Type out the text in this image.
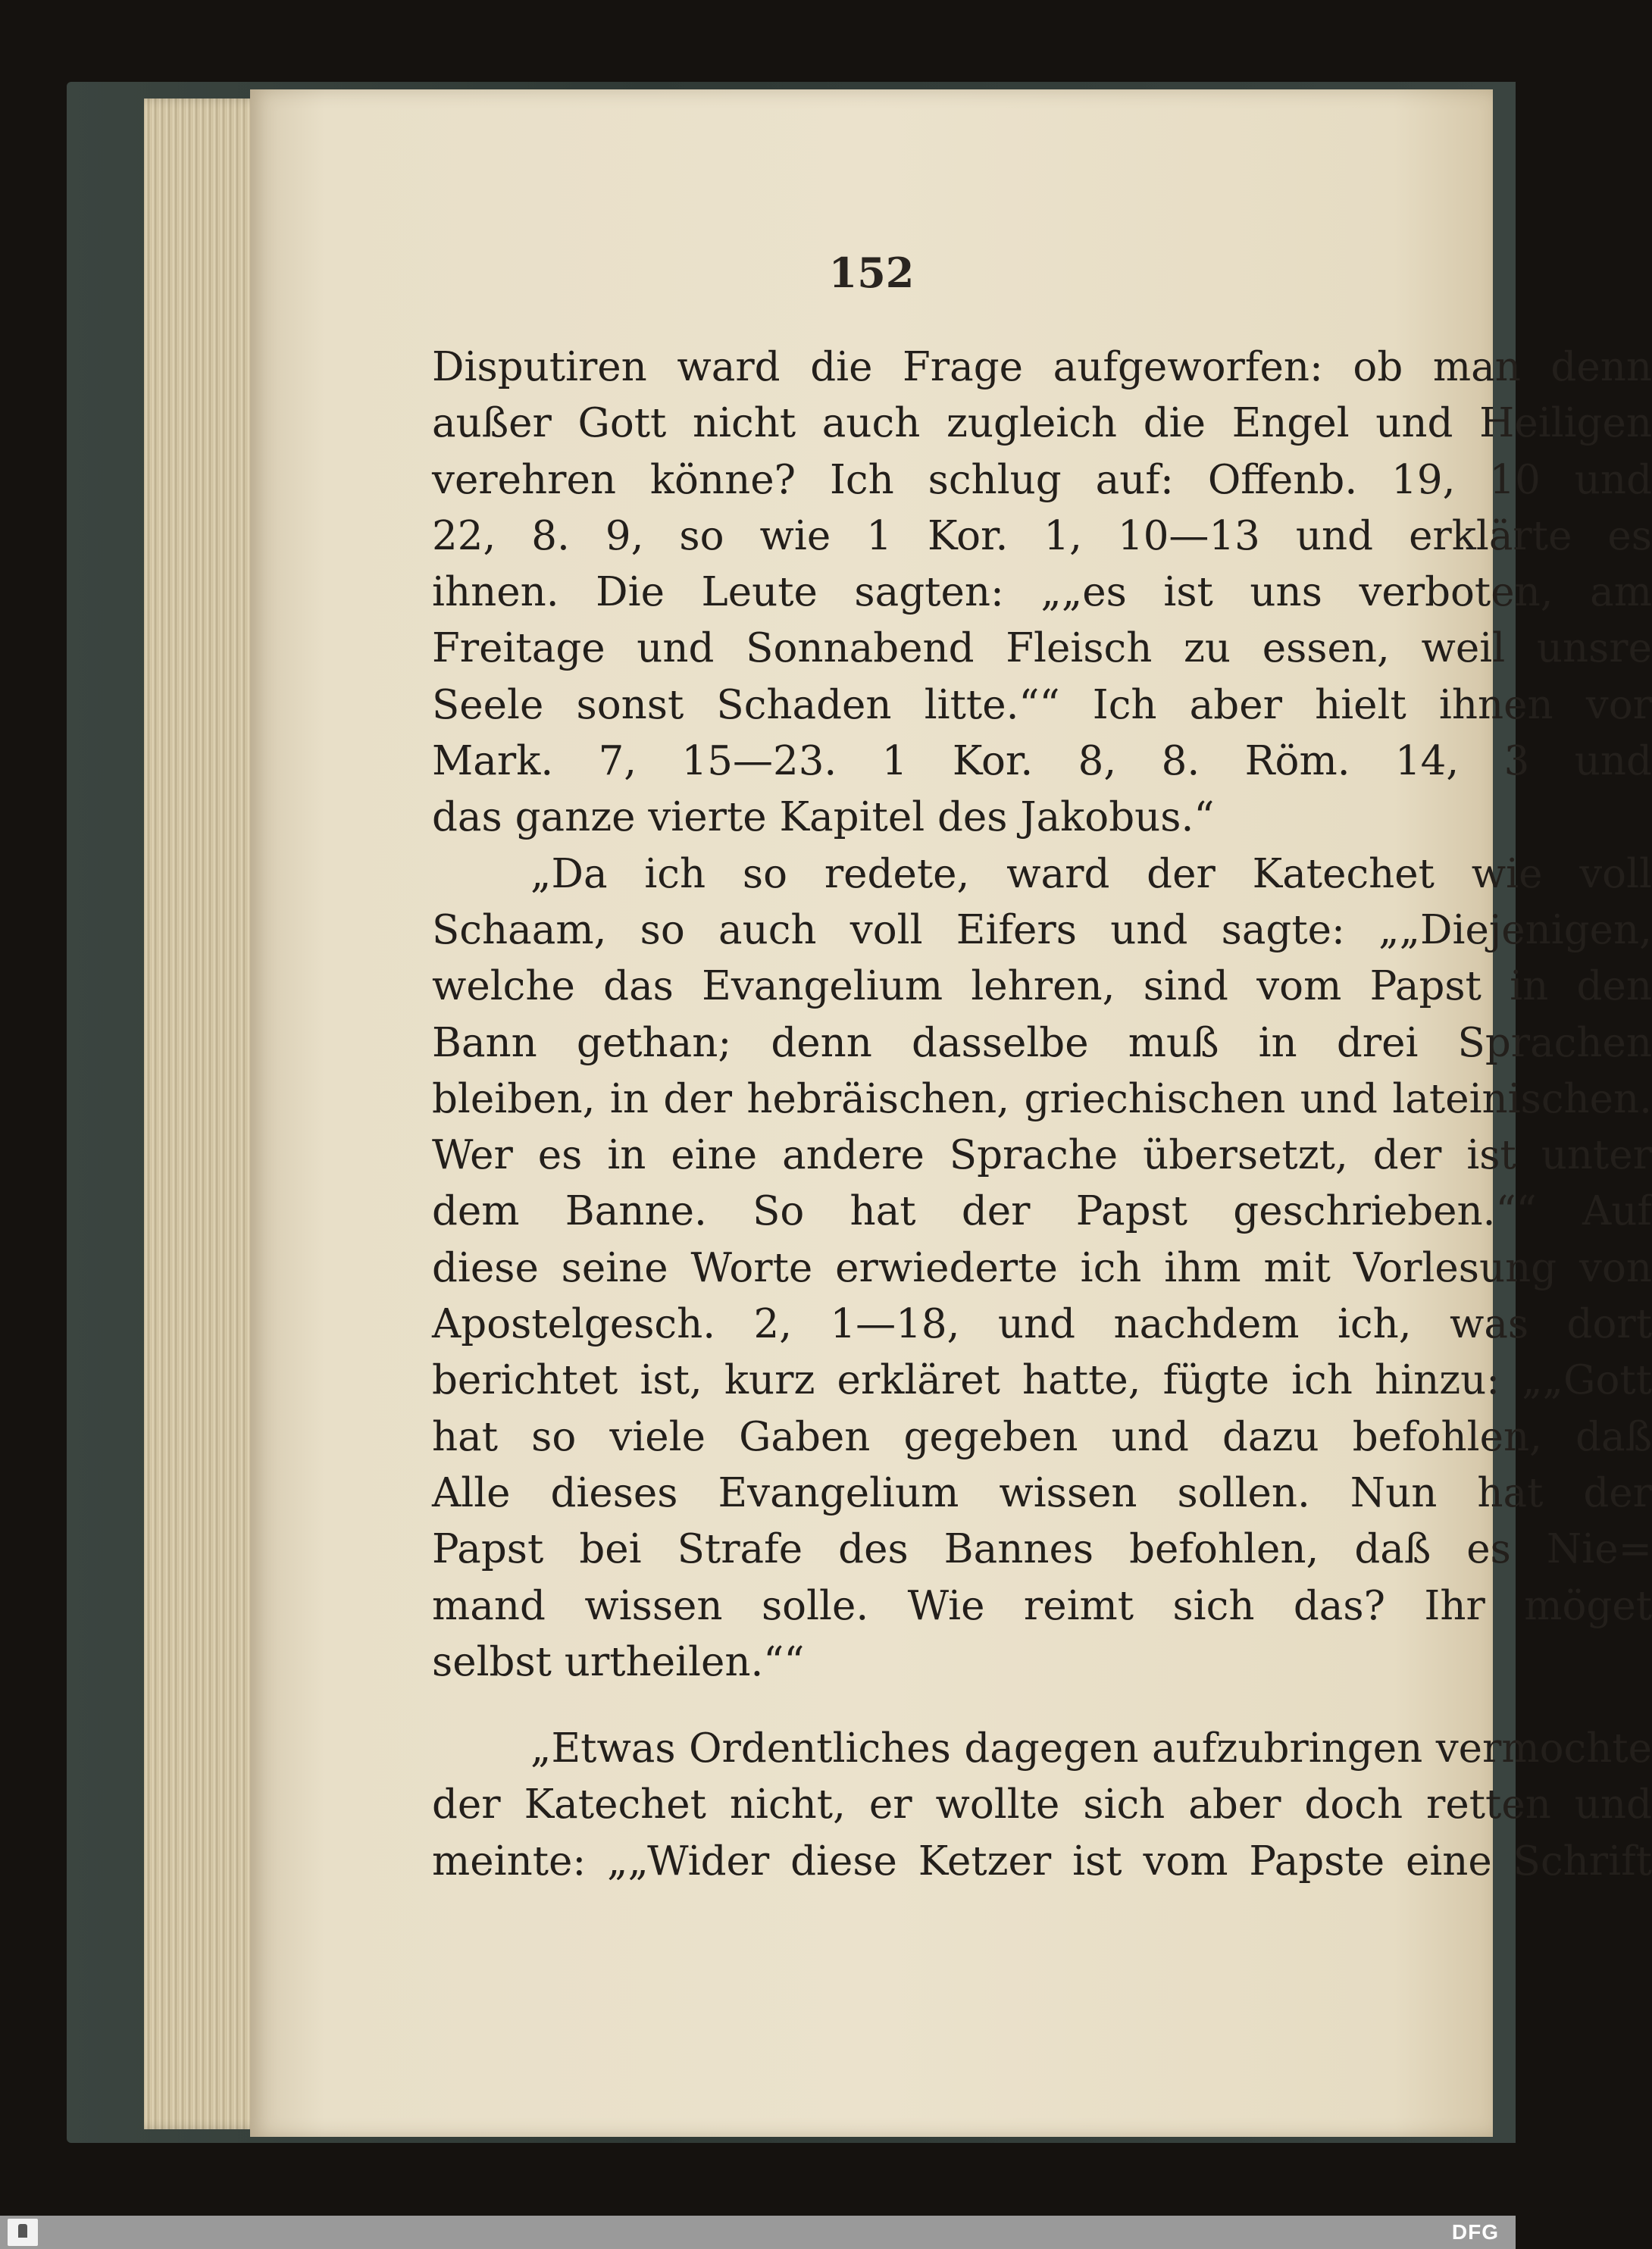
152
Disputiren ward die Frage aufgeworfen: ob man denn
außer Gott nicht auch zugleich die Engel und Heiligen
verehren könne? Ich schlug auf: Offenb. 19, 10 und
22, 8. 9, so wie 1 Kor. 1, 10—13 und erklärte es
ihnen. Die Leute sagten: „„es ist uns verboten, am
Freitage und Sonnabend Fleisch zu essen, weil unsre
Seele sonst Schaden litte.““ Ich aber hielt ihnen vor
Mark. 7, 15—23. 1 Kor. 8, 8. Röm. 14, 3 und
das ganze vierte Kapitel des Jakobus.“
„Da ich so redete, ward der Katechet wie voll
Schaam, so auch voll Eifers und sagte: „„Diejenigen,
welche das Evangelium lehren, sind vom Papst in den
Bann gethan; denn dasselbe muß in drei Sprachen
bleiben, in der hebräischen, griechischen und lateinischen.
Wer es in eine andere Sprache übersetzt, der ist unter
dem Banne. So hat der Papst geschrieben.““ Auf
diese seine Worte erwiederte ich ihm mit Vorlesung von
Apostelgesch. 2, 1—18, und nachdem ich, was dort
berichtet ist, kurz erkläret hatte, fügte ich hinzu: „„Gott
hat so viele Gaben gegeben und dazu befohlen, daß
Alle dieses Evangelium wissen sollen. Nun hat der
Papst bei Strafe des Bannes befohlen, daß es Nie=
mand wissen solle. Wie reimt sich das? Ihr möget
selbst urtheilen.““
„Etwas Ordentliches dagegen aufzubringen vermochte
der Katechet nicht, er wollte sich aber doch retten und
meinte: „„Wider diese Ketzer ist vom Papste eine Schrift
DFG
